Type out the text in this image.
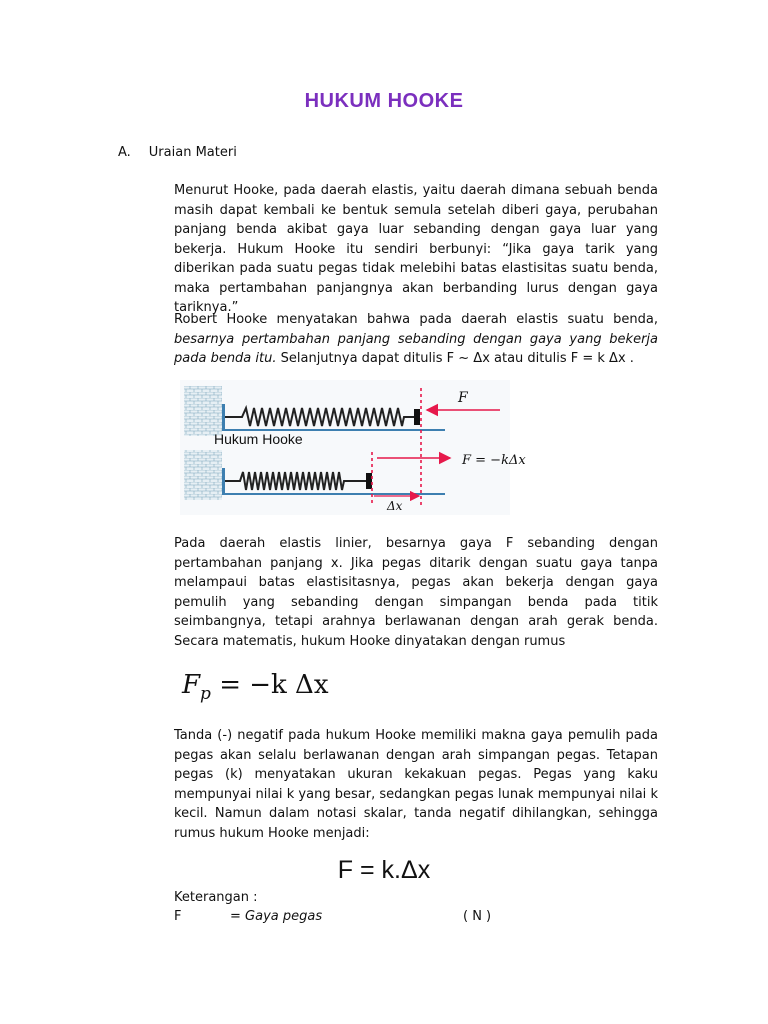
HUKUM HOOKE
A. Uraian Materi
Menurut Hooke, pada daerah elastis, yaitu daerah dimana sebuah benda masih dapat kembali ke bentuk semula setelah diberi gaya, perubahan panjang benda akibat gaya luar sebanding dengan gaya luar yang bekerja. Hukum Hooke itu sendiri berbunyi: “Jika gaya tarik yang diberikan pada suatu pegas tidak melebihi batas elastisitas suatu benda, maka pertambahan panjangnya akan berbanding lurus dengan gaya tariknya.”
Robert Hooke menyatakan bahwa pada daerah elastis suatu benda, besarnya pertambahan panjang sebanding dengan gaya yang bekerja pada benda itu. Selanjutnya dapat ditulis F ~ Δx atau ditulis F = k Δx .
F
Hukum Hooke
F = −kΔx
Δx
Pada daerah elastis linier, besarnya gaya F sebanding dengan pertambahan panjang x. Jika pegas ditarik dengan suatu gaya tanpa melampaui batas elastisitasnya, pegas akan bekerja dengan gaya pemulih yang sebanding dengan simpangan benda pada titik seimbangnya, tetapi arahnya berlawanan dengan arah gerak benda. Secara matematis, hukum Hooke dinyatakan dengan rumus
$F_p = -k$ Δx
Tanda (-) negatif pada hukum Hooke memiliki makna gaya pemulih pada pegas akan selalu berlawanan dengan arah simpangan pegas. Tetapan pegas (k) menyatakan ukuran kekakuan pegas. Pegas yang kaku mempunyai nilai k yang besar, sedangkan pegas lunak mempunyai nilai k kecil. Namun dalam notasi skalar, tanda negatif dihilangkan, sehingga rumus hukum Hooke menjadi:
F = k.Δx
Keterangan :
F	= Gaya pegas	( N )
